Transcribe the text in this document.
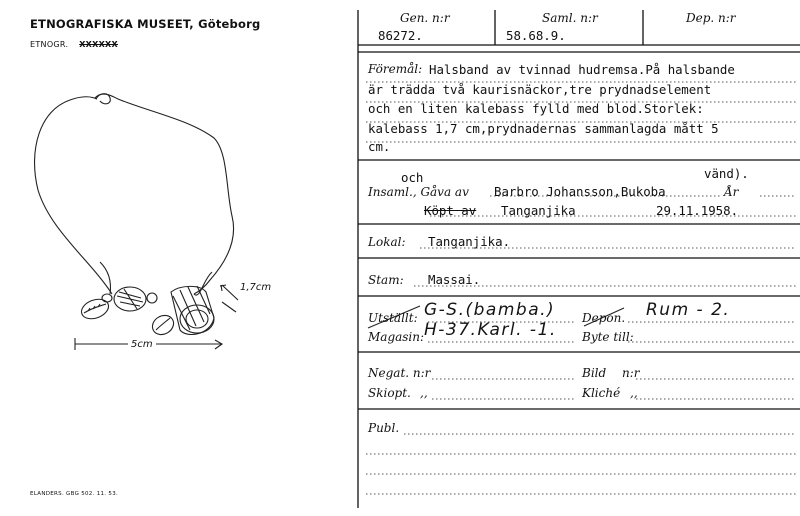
ETNOGRAFISKA MUSEET, Göteborg
ETNOGR. XXXXXX
1,7cm
5cm
ELANDERS. GBG 502. 11. 53.
Gen. n:r
86272.
Saml. n:r
58.68.9.
Dep. n:r
Föremål: Halsband av tvinnad hudremsa.På halsbande
är trädda två kaurisnäckor,tre prydnadselement
och en liten kalebass fylld med blod.Storlek:
kalebass 1,7 cm,prydnadernas sammanlagda mått 5
cm.
och	vänd).
Insaml., Gåva av Barbro Johansson,Bukoba	År
Köpt av Tanganjika	29.11.1958.
Lokal: Tanganjika.
Stam: Massai.
Utställt: G-S.(bamba.) Depon. Rum - 2.
Magasin: H-37.Karl. -1. Byte till:
Negat. n:r	Bild n:r
Skiopt. ,,	Kliché ,,
Publ.
